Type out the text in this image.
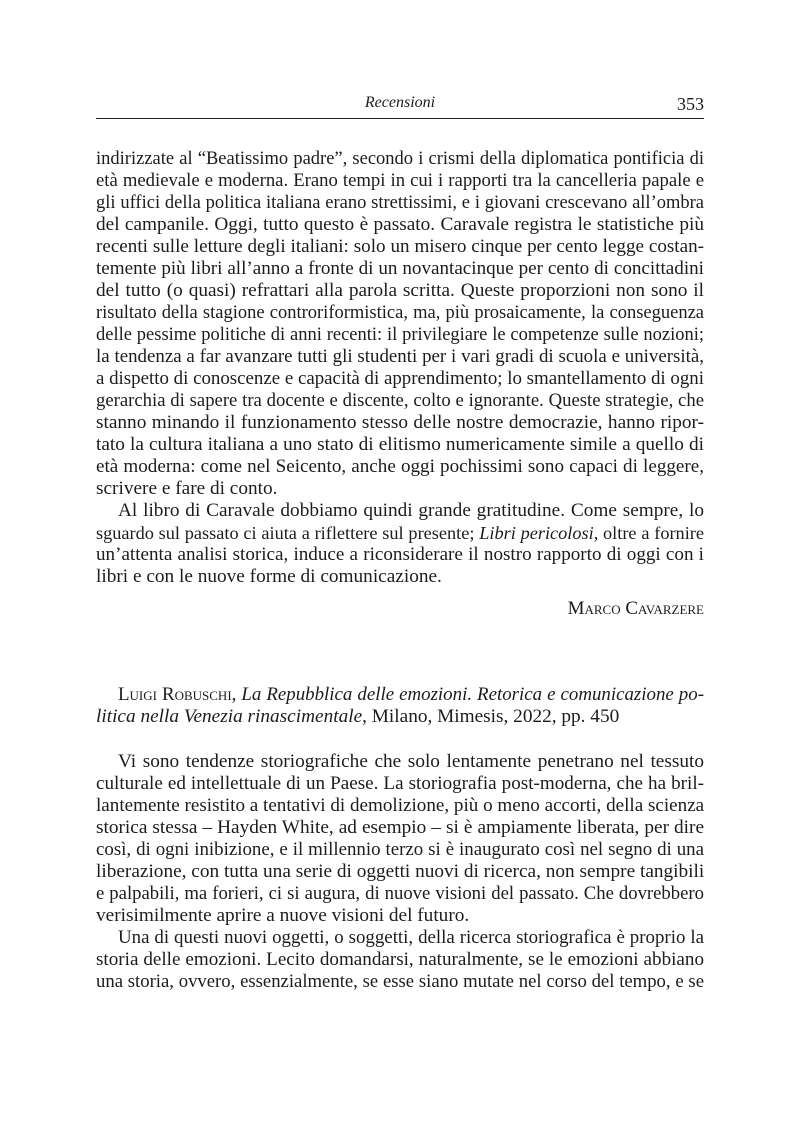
Recensioni	353
indirizzate al “Beatissimo padre”, secondo i crismi della diplomatica pontificia di
età medievale e moderna. Erano tempi in cui i rapporti tra la cancelleria papale e
gli uffici della politica italiana erano strettissimi, e i giovani crescevano all’ombra
del campanile. Oggi, tutto questo è passato. Caravale registra le statistiche più
recenti sulle letture degli italiani: solo un misero cinque per cento legge costan-
temente più libri all’anno a fronte di un novantacinque per cento di concittadini
del tutto (o quasi) refrattari alla parola scritta. Queste proporzioni non sono il
risultato della stagione controriformistica, ma, più prosaicamente, la conseguenza
delle pessime politiche di anni recenti: il privilegiare le competenze sulle nozioni;
la tendenza a far avanzare tutti gli studenti per i vari gradi di scuola e università,
a dispetto di conoscenze e capacità di apprendimento; lo smantellamento di ogni
gerarchia di sapere tra docente e discente, colto e ignorante. Queste strategie, che
stanno minando il funzionamento stesso delle nostre democrazie, hanno ripor-
tato la cultura italiana a uno stato di elitismo numericamente simile a quello di
età moderna: come nel Seicento, anche oggi pochissimi sono capaci di leggere,
scrivere e fare di conto.
Al libro di Caravale dobbiamo quindi grande gratitudine. Come sempre, lo
sguardo sul passato ci aiuta a riflettere sul presente; Libri pericolosi, oltre a fornire
un’attenta analisi storica, induce a riconsiderare il nostro rapporto di oggi con i
libri e con le nuove forme di comunicazione.
Marco Cavarzere
Luigi Robuschi, La Repubblica delle emozioni. Retorica e comunicazione po-
litica nella Venezia rinascimentale, Milano, Mimesis, 2022, pp. 450
Vi sono tendenze storiografiche che solo lentamente penetrano nel tessuto
culturale ed intellettuale di un Paese. La storiografia post-moderna, che ha bril-
lantemente resistito a tentativi di demolizione, più o meno accorti, della scienza
storica stessa – Hayden White, ad esempio – si è ampiamente liberata, per dire
così, di ogni inibizione, e il millennio terzo si è inaugurato così nel segno di una
liberazione, con tutta una serie di oggetti nuovi di ricerca, non sempre tangibili
e palpabili, ma forieri, ci si augura, di nuove visioni del passato. Che dovrebbero
verisimilmente aprire a nuove visioni del futuro.
Una di questi nuovi oggetti, o soggetti, della ricerca storiografica è proprio la
storia delle emozioni. Lecito domandarsi, naturalmente, se le emozioni abbiano
una storia, ovvero, essenzialmente, se esse siano mutate nel corso del tempo, e se
